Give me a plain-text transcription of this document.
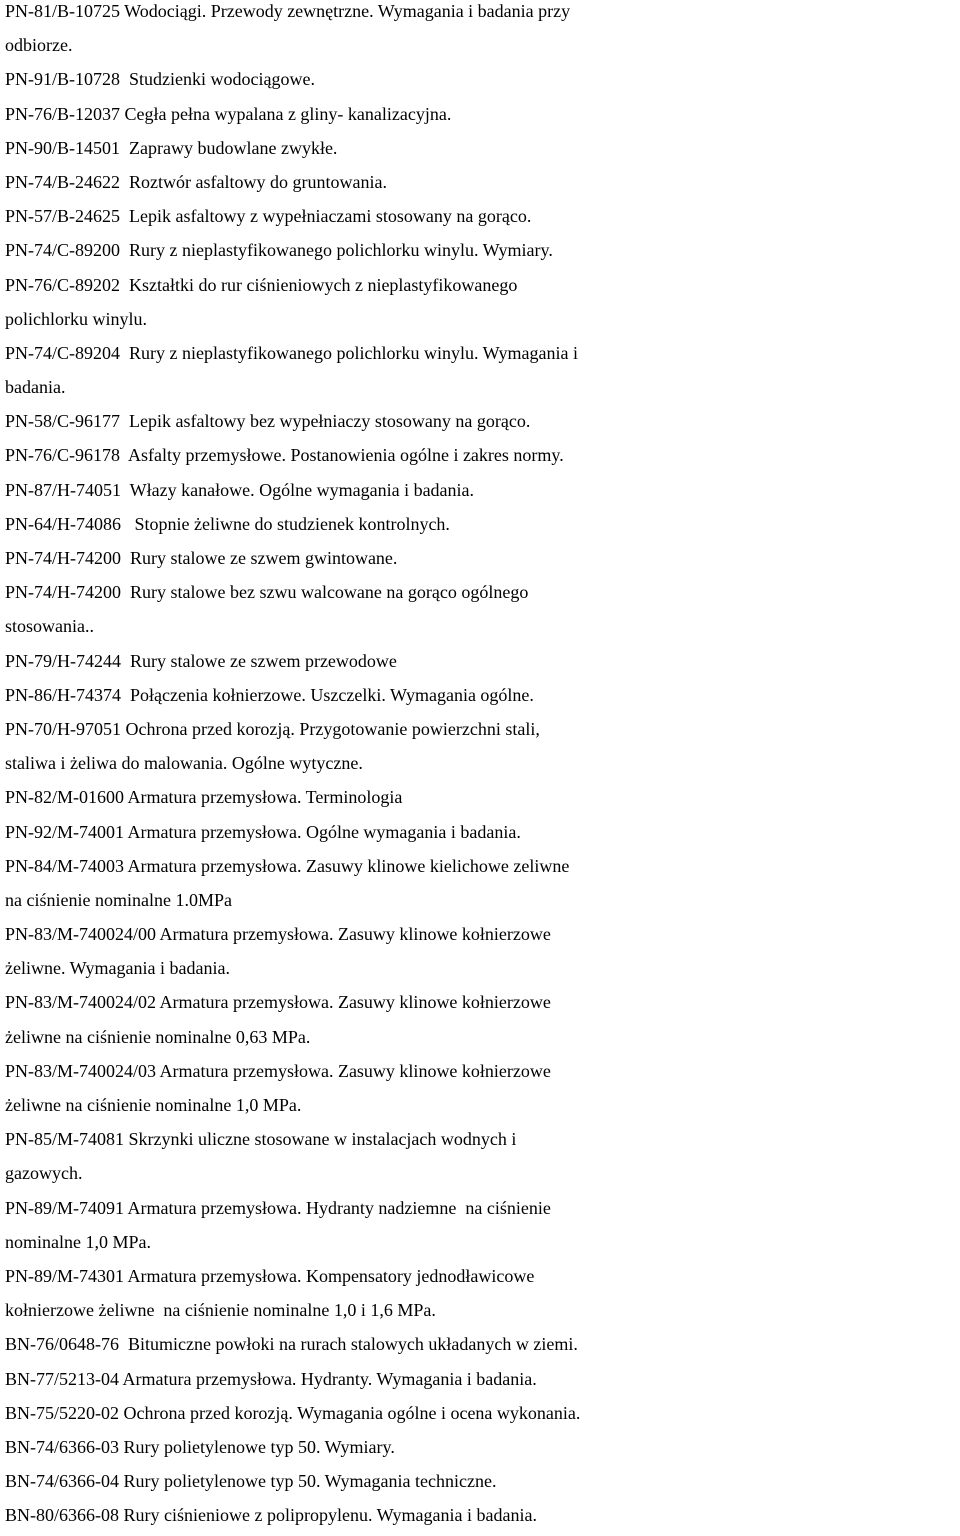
PN-81/B-10725 Wodociągi. Przewody zewnętrzne. Wymagania i badania przy
odbiorze.
PN-91/B-10728  Studzienki wodociągowe.
PN-76/B-12037 Cegła pełna wypalana z gliny- kanalizacyjna.
PN-90/B-14501  Zaprawy budowlane zwykłe.
PN-74/B-24622  Roztwór asfaltowy do gruntowania.
PN-57/B-24625  Lepik asfaltowy z wypełniaczami stosowany na gorąco.
PN-74/C-89200  Rury z nieplastyfikowanego polichlorku winylu. Wymiary.
PN-76/C-89202  Kształtki do rur ciśnieniowych z nieplastyfikowanego
polichlorku winylu.
PN-74/C-89204  Rury z nieplastyfikowanego polichlorku winylu. Wymagania i
badania.
PN-58/C-96177  Lepik asfaltowy bez wypełniaczy stosowany na gorąco.
PN-76/C-96178  Asfalty przemysłowe. Postanowienia ogólne i zakres normy.
PN-87/H-74051  Włazy kanałowe. Ogólne wymagania i badania.
PN-64/H-74086   Stopnie żeliwne do studzienek kontrolnych.
PN-74/H-74200  Rury stalowe ze szwem gwintowane.
PN-74/H-74200  Rury stalowe bez szwu walcowane na gorąco ogólnego
stosowania..
PN-79/H-74244  Rury stalowe ze szwem przewodowe
PN-86/H-74374  Połączenia kołnierzowe. Uszczelki. Wymagania ogólne.
PN-70/H-97051 Ochrona przed korozją. Przygotowanie powierzchni stali,
staliwa i żeliwa do malowania. Ogólne wytyczne.
PN-82/M-01600 Armatura przemysłowa. Terminologia
PN-92/M-74001 Armatura przemysłowa. Ogólne wymagania i badania.
PN-84/M-74003 Armatura przemysłowa. Zasuwy klinowe kielichowe zeliwne
na ciśnienie nominalne 1.0MPa
PN-83/M-740024/00 Armatura przemysłowa. Zasuwy klinowe kołnierzowe
żeliwne. Wymagania i badania.
PN-83/M-740024/02 Armatura przemysłowa. Zasuwy klinowe kołnierzowe
żeliwne na ciśnienie nominalne 0,63 MPa.
PN-83/M-740024/03 Armatura przemysłowa. Zasuwy klinowe kołnierzowe
żeliwne na ciśnienie nominalne 1,0 MPa.
PN-85/M-74081 Skrzynki uliczne stosowane w instalacjach wodnych i
gazowych.
PN-89/M-74091 Armatura przemysłowa. Hydranty nadziemne  na ciśnienie
nominalne 1,0 MPa.
PN-89/M-74301 Armatura przemysłowa. Kompensatory jednodławicowe
kołnierzowe żeliwne  na ciśnienie nominalne 1,0 i 1,6 MPa.
BN-76/0648-76  Bitumiczne powłoki na rurach stalowych układanych w ziemi.
BN-77/5213-04 Armatura przemysłowa. Hydranty. Wymagania i badania.
BN-75/5220-02 Ochrona przed korozją. Wymagania ogólne i ocena wykonania.
BN-74/6366-03 Rury polietylenowe typ 50. Wymiary.
BN-74/6366-04 Rury polietylenowe typ 50. Wymagania techniczne.
BN-80/6366-08 Rury ciśnieniowe z polipropylenu. Wymagania i badania.
